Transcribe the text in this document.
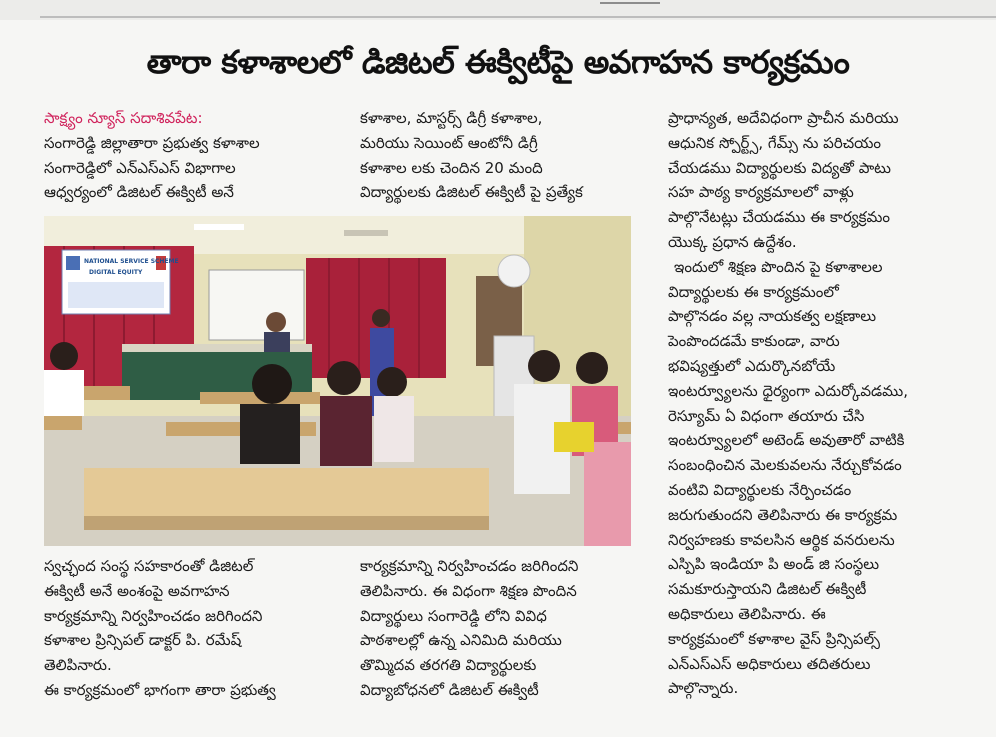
తారా కళాశాలలో డిజిటల్ ఈక్విటీపై అవగాహన కార్యక్రమం

సాక్ష్యం న్యూస్ సదాశివపేట:

సంగారెడ్డి జిల్లాతారా ప్రభుత్వ కళాశాల

సంగారెడ్డిలో ఎన్ఎస్ఎస్ విభాగాల

ఆధ్వర్యంలో డిజిటల్ ఈక్విటీ అనే

కళాశాల, మాస్టర్స్ డిగ్రీ కళాశాల,

మరియు సెయింట్ ఆంటోనీ డిగ్రీ

కళాశాల లకు చెందిన 20 మంది

విద్యార్థులకు డిజిటల్ ఈక్విటీ పై ప్రత్యేక

ప్రాధాన్యత, అదేవిధంగా ప్రాచీన మరియు

ఆధునిక స్పోర్ట్స్, గేమ్స్ ను పరిచయం

చేయడము విద్యార్థులకు విద్యతో పాటు

సహ పాఠ్య కార్యక్రమాలలో వాళ్లు

పాల్గొనేటట్లు చేయడము ఈ కార్యక్రమం

యొక్క ప్రధాన ఉద్దేశం.

ఇందులో శిక్షణ పొందిన పై కళాశాలల

విద్యార్థులకు ఈ కార్యక్రమంలో

పాల్గొనడం వల్ల నాయకత్వ లక్షణాలు

పెంపొందడమే కాకుండా, వారు

భవిష్యత్తులో ఎదుర్కొనబోయే

ఇంటర్వ్యూలను ధైర్యంగా ఎదుర్కోవడము,

రెస్యూమ్ ఏ విధంగా తయారు చేసి

ఇంటర్వ్యూలలో అటెండ్ అవుతారో వాటికి

సంబంధించిన మెలకువలను నేర్చుకోవడం

వంటివి విద్యార్థులకు నేర్పించడం

జరుగుతుందని తెలిపినారు ఈ కార్యక్రమ

నిర్వహణకు కావలసిన ఆర్థిక వనరులను

ఎస్పిపి ఇండియా పి అండ్ జి సంస్థలు

సమకూరుస్తాయని డిజిటల్ ఈక్విటీ

అధికారులు తెలిపినారు. ఈ

కార్యక్రమంలో కళాశాల వైస్ ప్రిన్సిపల్స్

ఎన్ఎస్ఎస్ అధికారులు తదితరులు

పాల్గొన్నారు.

NATIONAL SERVICE SCHEME
DIGITAL EQUITY

స్వచ్ఛంద సంస్థ సహకారంతో డిజిటల్

ఈక్విటీ అనే అంశంపై అవగాహన

కార్యక్రమాన్ని నిర్వహించడం జరిగిందని

కళాశాల ప్రిన్సిపల్ డాక్టర్ పి. రమేష్

తెలిపినారు.

ఈ కార్యక్రమంలో భాగంగా తారా ప్రభుత్వ

కార్యక్రమాన్ని నిర్వహించడం జరిగిందని

తెలిపినారు. ఈ విధంగా శిక్షణ పొందిన

విద్యార్థులు సంగారెడ్డి లోని వివిధ

పాఠశాలల్లో ఉన్న ఎనిమిది మరియు

తొమ్మిదవ తరగతి విద్యార్థులకు

విద్యాబోధనలో డిజిటల్ ఈక్విటీ
